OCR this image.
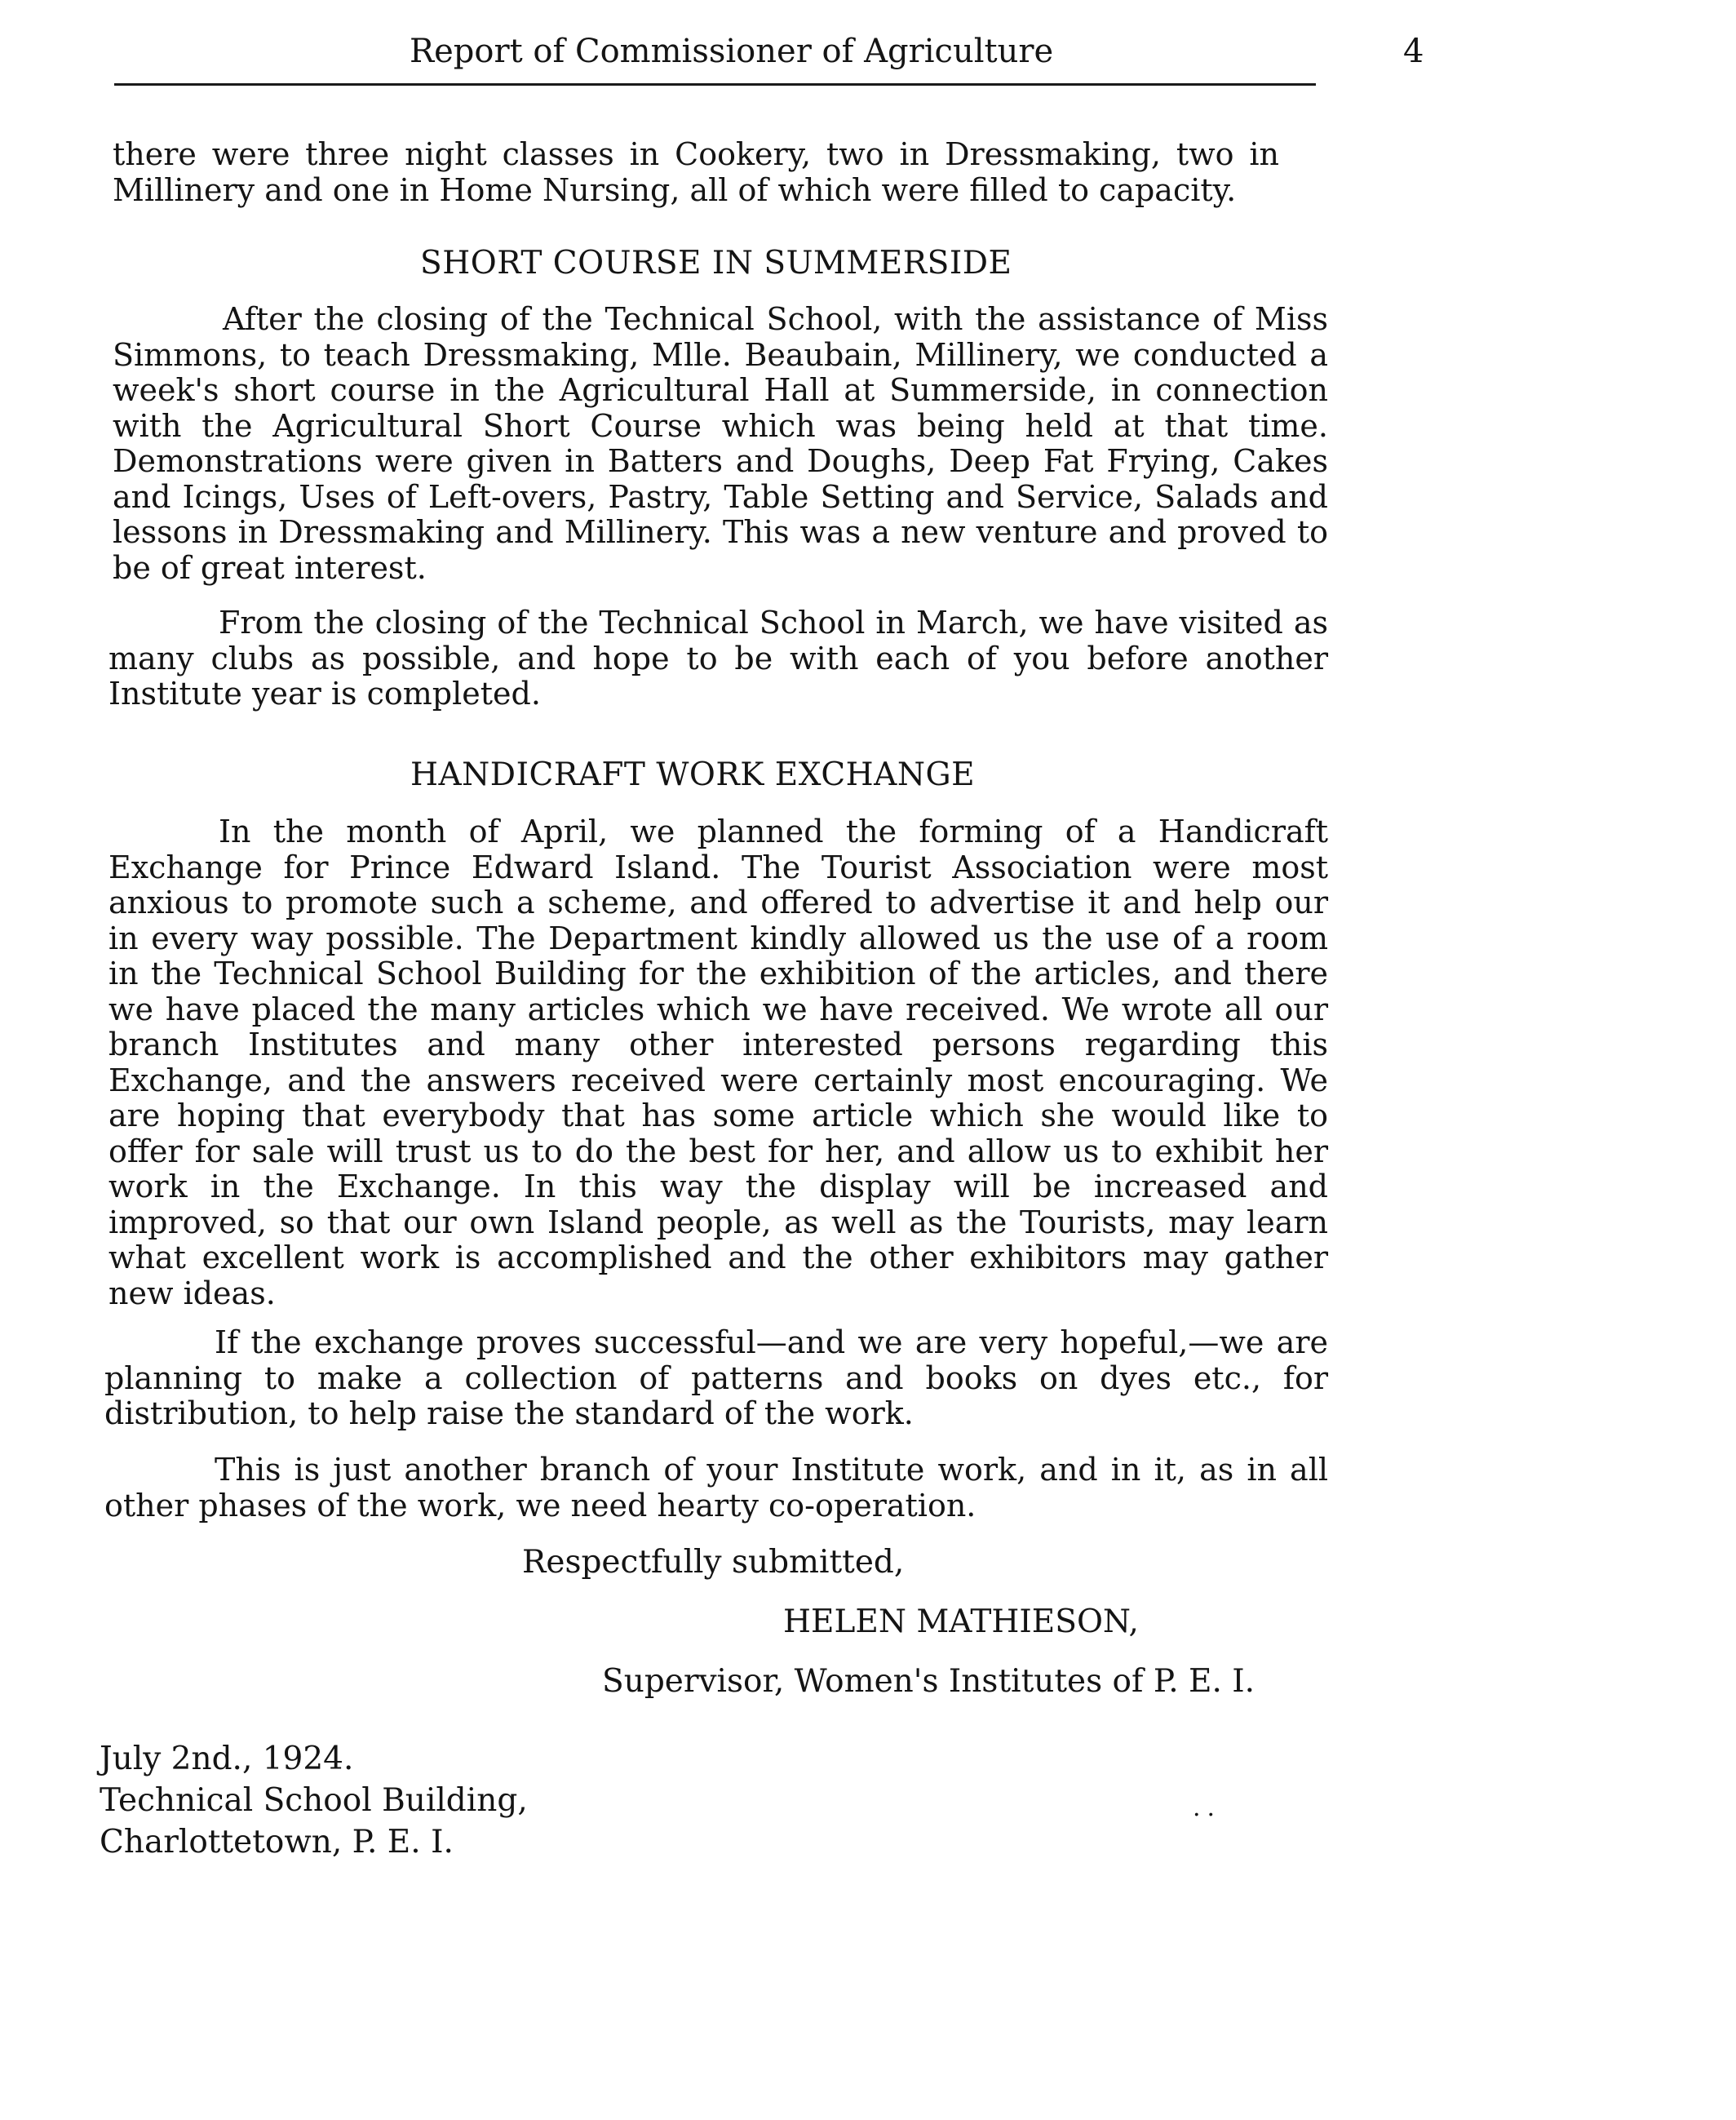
Report of Commissioner of Agriculture	4

there were three night classes in Cookery, two in Dressmaking, two in Millinery and one in Home Nursing, all of which were filled to capacity.

SHORT COURSE IN SUMMERSIDE

After the closing of the Technical School, with the assistance of Miss Simmons, to teach Dressmaking, Mlle. Beaubain, Millinery, we conducted a week's short course in the Agricultural Hall at Summerside, in connection with the Agricultural Short Course which was being held at that time. Demonstrations were given in Batters and Doughs, Deep Fat Frying, Cakes and Icings, Uses of Left-overs, Pastry, Table Setting and Service, Salads and lessons in Dressmaking and Millinery. This was a new venture and proved to be of great interest.

From the closing of the Technical School in March, we have visited as many clubs as possible, and hope to be with each of you before another Institute year is completed.

HANDICRAFT WORK EXCHANGE

In the month of April, we planned the forming of a Handicraft Exchange for Prince Edward Island. The Tourist Association were most anxious to promote such a scheme, and offered to advertise it and help our in every way possible. The Department kindly allowed us the use of a room in the Technical School Building for the exhibition of the articles, and there we have placed the many articles which we have received. We wrote all our branch Institutes and many other interested persons regarding this Exchange, and the answers received were certainly most encouraging. We are hoping that everybody that has some article which she would like to offer for sale will trust us to do the best for her, and allow us to exhibit her work in the Exchange. In this way the display will be increased and improved, so that our own Island people, as well as the Tourists, may learn what excellent work is accomplished and the other exhibitors may gather new ideas.

If the exchange proves successful—and we are very hopeful,—we are planning to make a collection of patterns and books on dyes etc., for distribution, to help raise the standard of the work.

This is just another branch of your Institute work, and in it, as in all other phases of the work, we need hearty co-operation.

Respectfully submitted,
HELEN MATHIESON,
Supervisor, Women's Institutes of P. E. I.
July 2nd., 1924.
Technical School Building,
Charlottetown, P. E. I.
..
